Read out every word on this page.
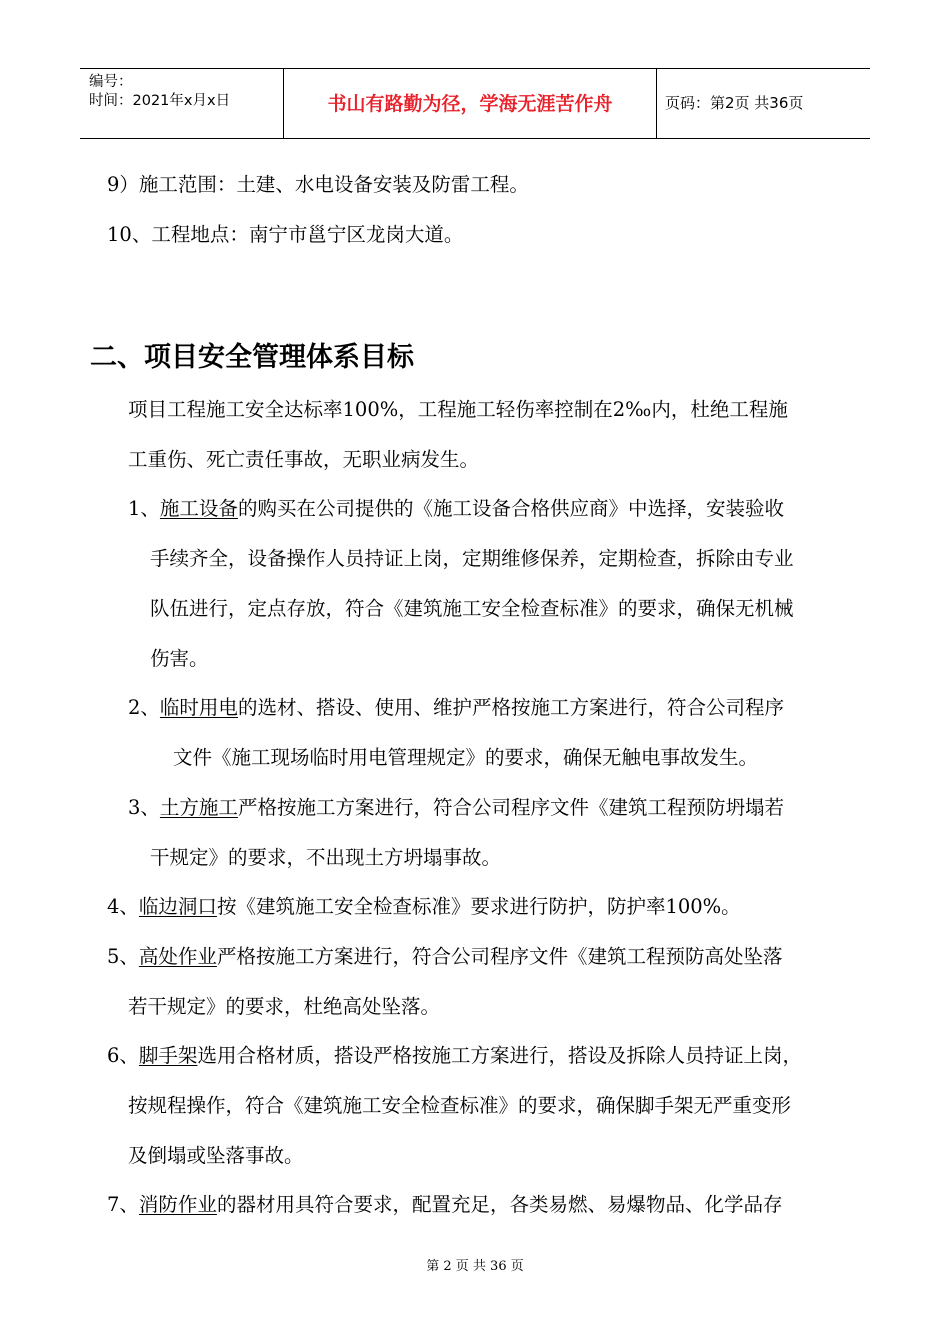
编号：
时间：2021年x月x日	书山有路勤为径，学海无涯苦作舟	页码：第2页 共36页
9）施工范围：土建、水电设备安装及防雷工程。
10、工程地点：南宁市邕宁区龙岗大道。
二、项目安全管理体系目标
项目工程施工安全达标率100%，工程施工轻伤率控制在2‰内，杜绝工程施
工重伤、死亡责任事故，无职业病发生。
1、施工设备的购买在公司提供的《施工设备合格供应商》中选择，安装验收
手续齐全，设备操作人员持证上岗，定期维修保养，定期检查，拆除由专业
队伍进行，定点存放，符合《建筑施工安全检查标准》的要求，确保无机械
伤害。
2、临时用电的选材、搭设、使用、维护严格按施工方案进行，符合公司程序
文件《施工现场临时用电管理规定》的要求，确保无触电事故发生。
3、土方施工严格按施工方案进行，符合公司程序文件《建筑工程预防坍塌若
干规定》的要求，不出现土方坍塌事故。
4、临边洞口按《建筑施工安全检查标准》要求进行防护，防护率100%。
5、高处作业严格按施工方案进行，符合公司程序文件《建筑工程预防高处坠落
若干规定》的要求，杜绝高处坠落。
6、脚手架选用合格材质，搭设严格按施工方案进行，搭设及拆除人员持证上岗，
按规程操作，符合《建筑施工安全检查标准》的要求，确保脚手架无严重变形
及倒塌或坠落事故。
7、消防作业的器材用具符合要求，配置充足，各类易燃、易爆物品、化学品存
第 2 页 共 36 页
